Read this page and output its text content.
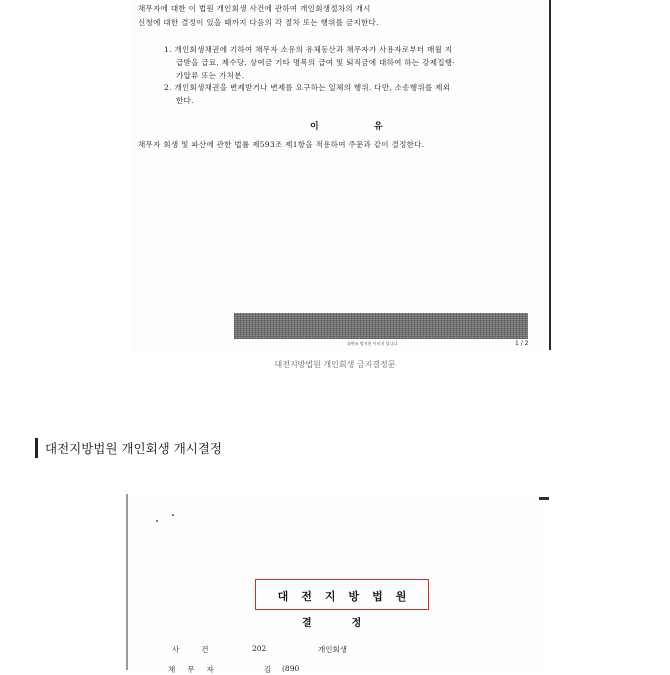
채무자에 대한 이 법원 개인회생 사건에 관하여 개인회생절차의 개시
신청에 대한 결정이 있을 때까지 다음의 각 절차 또는 행위를 금지한다.
1. 개인회생채권에 기하여 채무자 소유의 유체동산과 채무자가 사용자로부터 매월 지
급받을 급료, 제수당, 상여금 기타 명목의 급여 및 퇴직금에 대하여 하는 강제집행·
가압류 또는 가처분.
2. 개인회생채권을 변제받거나 변제를 요구하는 일체의 행위. 다만, 소송행위를 제외
한다.
이 유
채무자 회생 및 파산에 관한 법률 제593조 제1항을 적용하여 주문과 같이 결정한다.
위변조 방지용 이미지 입니다.	1 / 2
대전지방법원 개인회생 금지결정문
대전지방법원 개인회생 개시결정
대전지방법원
결정
사건	202	개인회생
채무자	김 (890
